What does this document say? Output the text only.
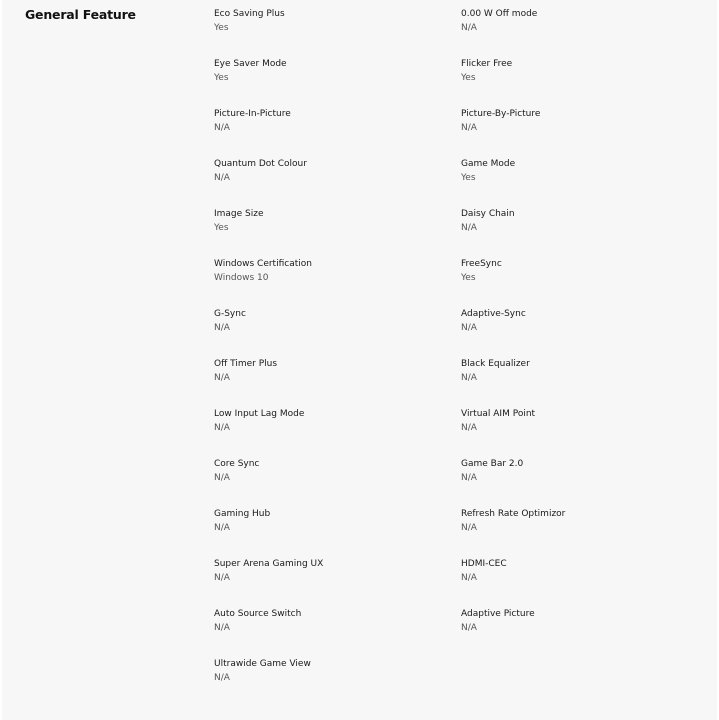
General Feature	Eco Saving Plus
Yes
0.00 W Off mode
N/A
Eye Saver Mode
Yes
Flicker Free
Yes
Picture-In-Picture
N/A
Picture-By-Picture
N/A
Quantum Dot Colour
N/A
Game Mode
Yes
Image Size
Yes
Daisy Chain
N/A
Windows Certification
Windows 10
FreeSync
Yes
G-Sync
N/A
Adaptive-Sync
N/A
Off Timer Plus
N/A
Black Equalizer
N/A
Low Input Lag Mode
N/A
Virtual AIM Point
N/A
Core Sync
N/A
Game Bar 2.0
N/A
Gaming Hub
N/A
Refresh Rate Optimizor
N/A
Super Arena Gaming UX
N/A
HDMI-CEC
N/A
Auto Source Switch
N/A
Adaptive Picture
N/A
Ultrawide Game View
N/A
